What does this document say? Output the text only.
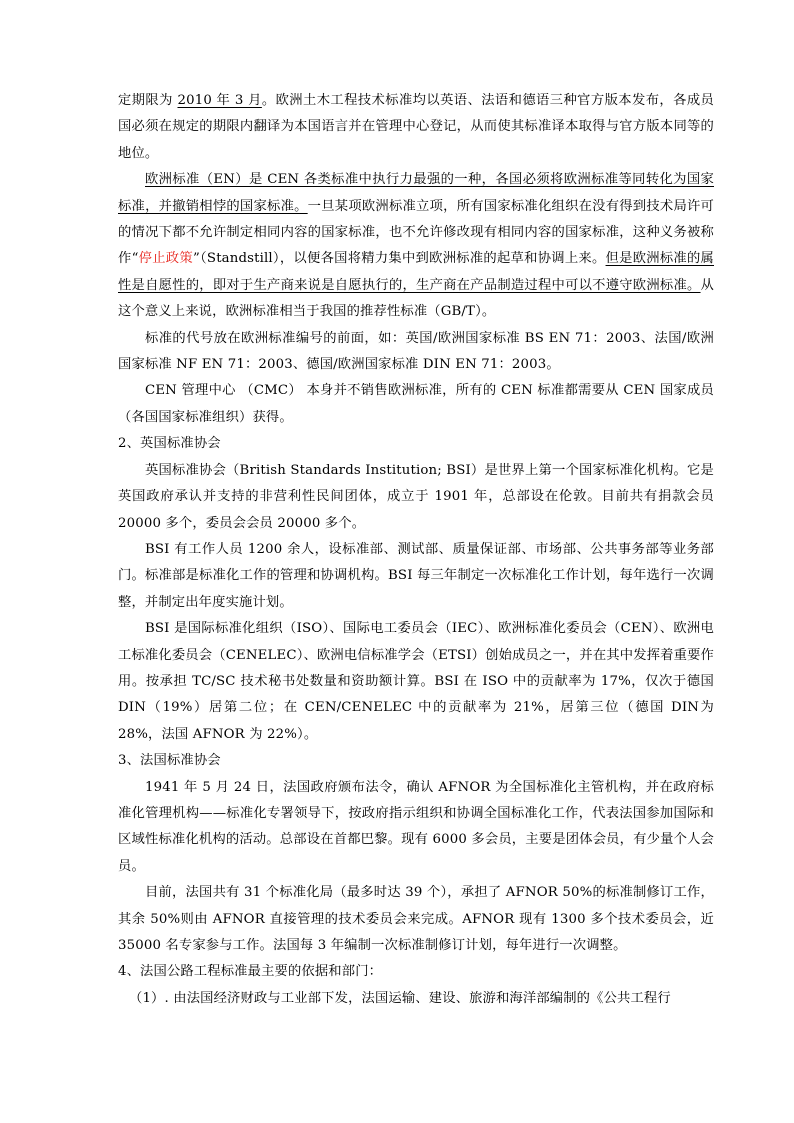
定期限为 2010 年 3 月。欧洲土木工程技术标准均以英语、法语和德语三种官方版本发布，各成员国必须在规定的期限内翻译为本国语言并在管理中心登记，从而使其标准译本取得与官方版本同等的地位。

欧洲标准（EN）是 CEN 各类标准中执行力最强的一种，各国必须将欧洲标准等同转化为国家标准，并撤销相悖的国家标准。一旦某项欧洲标准立项，所有国家标准化组织在没有得到技术局许可的情况下都不允许制定相同内容的国家标准，也不允许修改现有相同内容的国家标准，这种义务被称作“停止政策”（Standstill），以便各国将精力集中到欧洲标准的起草和协调上来。但是欧洲标准的属性是自愿性的，即对于生产商来说是自愿执行的，生产商在产品制造过程中可以不遵守欧洲标准。从这个意义上来说，欧洲标准相当于我国的推荐性标准（GB/T）。

标准的代号放在欧洲标准编号的前面，如：英国/欧洲国家标准 BS EN 71：2003、法国/欧洲国家标准 NF EN 71：2003、德国/欧洲国家标准 DIN EN 71：2003。

CEN 管理中心 （CMC） 本身并不销售欧洲标准，所有的 CEN 标准都需要从 CEN 国家成员（各国国家标准组织）获得。

2、英国标准协会

英国标准协会（British Standards Institution; BSI）是世界上第一个国家标准化机构。它是英国政府承认并支持的非营利性民间团体，成立于 1901 年，总部设在伦敦。目前共有捐款会员 20000 多个，委员会会员 20000 多个。

BSI 有工作人员 1200 余人，设标准部、测试部、质量保证部、市场部、公共事务部等业务部门。标准部是标准化工作的管理和协调机构。BSI 每三年制定一次标准化工作计划，每年选行一次调整，并制定出年度实施计划。

BSI 是国际标准化组织（ISO）、国际电工委员会（IEC）、欧洲标准化委员会（CEN）、欧洲电工标准化委员会（CENELEC）、欧洲电信标准学会（ETSI）创始成员之一，并在其中发挥着重要作用。按承担 TC/SC 技术秘书处数量和资助额计算。BSI 在 ISO 中的贡献率为 17%，仅次于德国 DIN（19%）居第二位；在 CEN/CENELEC 中的贡献率为 21%，居第三位（德国 DIN为 28%，法国 AFNOR 为 22%）。

3、法国标准协会

1941 年 5 月 24 日，法国政府颁布法令，确认 AFNOR 为全国标准化主管机构，并在政府标准化管理机构——标准化专署领导下，按政府指示组织和协调全国标准化工作，代表法国参加国际和区域性标准化机构的活动。总部设在首都巴黎。现有 6000 多会员，主要是团体会员，有少量个人会员。

目前，法国共有 31 个标准化局（最多时达 39 个），承担了 AFNOR 50%的标准制修订工作，其余 50%则由 AFNOR 直接管理的技术委员会来完成。AFNOR 现有 1300 多个技术委员会，近 35000 名专家参与工作。法国每 3 年编制一次标准制修订计划，每年进行一次调整。

4、法国公路工程标准最主要的依据和部门：

（1）. 由法国经济财政与工业部下发，法国运输、建设、旅游和海洋部编制的《公共工程行
